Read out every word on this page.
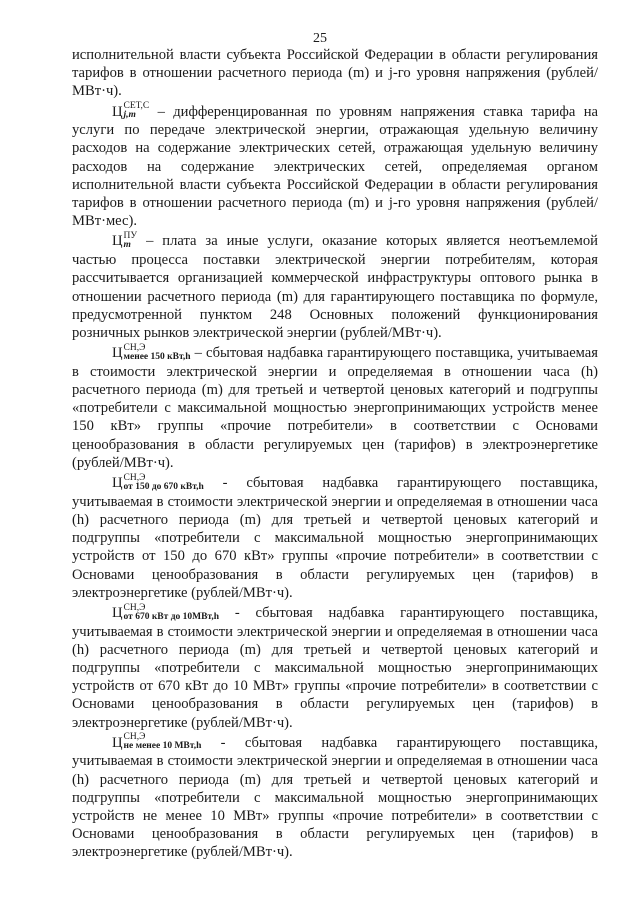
25

исполнительной власти субъекта Российской Федерации в области регулирования тарифов в отношении расчетного периода (m) и j-го уровня напряжения (рублей/МВт·ч).

Ц СЕТ,С
j,m – дифференцированная по уровням напряжения ставка тарифа на услуги по передаче электрической энергии, отражающая удельную величину расходов на содержание электрических сетей, отражающая удельную величину расходов на содержание электрических сетей, определяемая органом исполнительной власти субъекта Российской Федерации в области регулирования тарифов в отношении расчетного периода (m) и j-го уровня напряжения (рублей/МВт·мес).

Ц ПУ
m – плата за иные услуги, оказание которых является неотъемлемой частью процесса поставки электрической энергии потребителям, которая рассчитывается организацией коммерческой инфраструктуры оптового рынка в отношении расчетного периода (m) для гарантирующего поставщика по формуле, предусмотренной пунктом 248 Основных положений функционирования розничных рынков электрической энергии (рублей/МВт·ч).

Ц СН,Э
менее 150 кВт,h – сбытовая надбавка гарантирующего поставщика, учитываемая в стоимости электрической энергии и определяемая в отношении часа (h) расчетного периода (m) для третьей и четвертой ценовых категорий и подгруппы «потребители с максимальной мощностью энергопринимающих устройств менее 150 кВт» группы «прочие потребители» в соответствии с Основами ценообразования в области регулируемых цен (тарифов) в электроэнергетике (рублей/МВт·ч).

Ц СН,Э
от 150 до 670 кВт,h - сбытовая надбавка гарантирующего поставщика, учитываемая в стоимости электрической энергии и определяемая в отношении часа (h) расчетного периода (m) для третьей и четвертой ценовых категорий и подгруппы «потребители с максимальной мощностью энергопринимающих устройств от 150 до 670 кВт» группы «прочие потребители» в соответствии с Основами ценообразования в области регулируемых цен (тарифов) в электроэнергетике (рублей/МВт·ч).

Ц СН,Э
от 670 кВт до 10МВт,h - сбытовая надбавка гарантирующего поставщика, учитываемая в стоимости электрической энергии и определяемая в отношении часа (h) расчетного периода (m) для третьей и четвертой ценовых категорий и подгруппы «потребители с максимальной мощностью энергопринимающих устройств от 670 кВт до 10 МВт» группы «прочие потребители» в соответствии с Основами ценообразования в области регулируемых цен (тарифов) в электроэнергетике (рублей/МВт·ч).

Ц СН,Э
не менее 10 МВт,h - сбытовая надбавка гарантирующего поставщика, учитываемая в стоимости электрической энергии и определяемая в отношении часа (h) расчетного периода (m) для третьей и четвертой ценовых категорий и подгруппы «потребители с максимальной мощностью энергопринимающих устройств не менее 10 МВт» группы «прочие потребители» в соответствии с Основами ценообразования в области регулируемых цен (тарифов) в электроэнергетике (рублей/МВт·ч).
